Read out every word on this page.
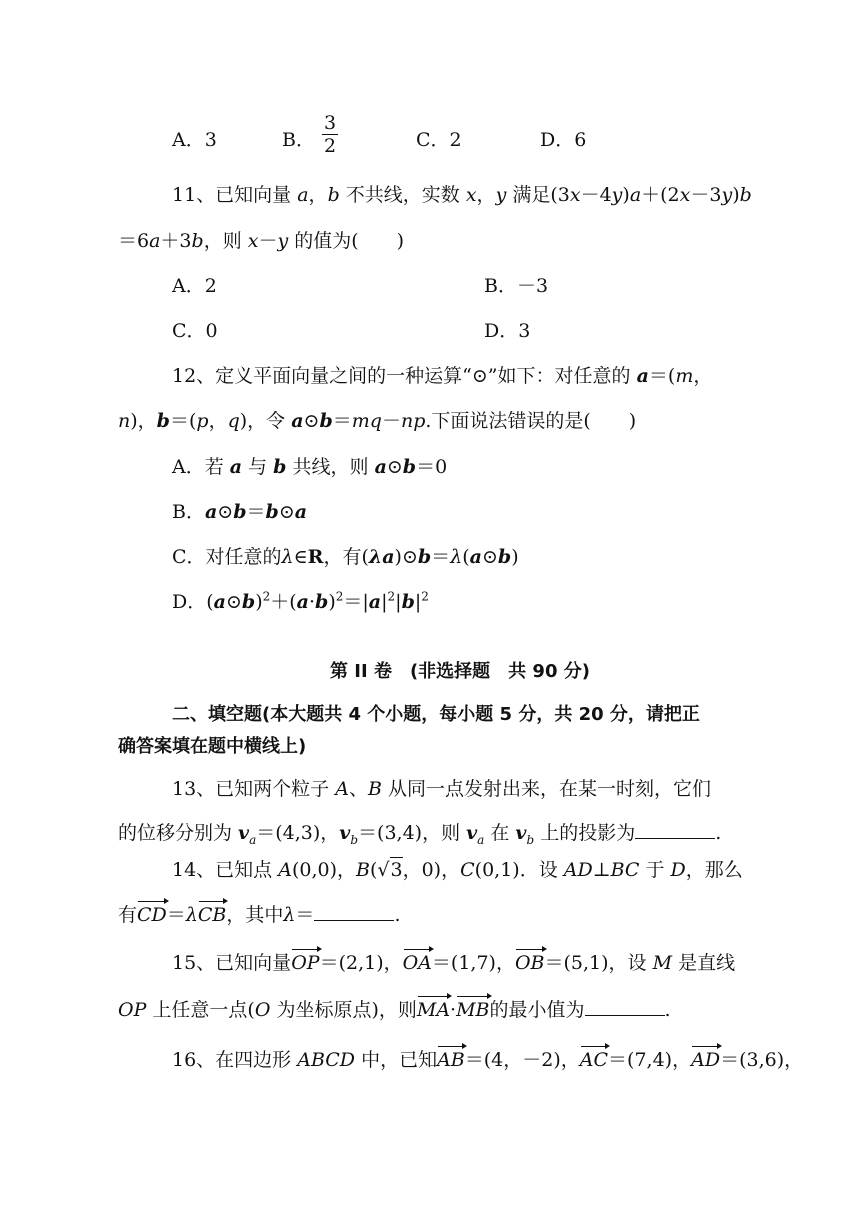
A．3	B． $\frac{3}{2}$	C．2	D．6
11、已知向量 a，b 不共线，实数 x，y 满足(3x－4y)a＋(2x－3y)b
＝6a＋3b，则 x－y 的值为(　　)
A．2	B．－3
C．0	D．3
12、定义平面向量之间的一种运算“⊙”如下：对任意的 a＝(m，
n)，b＝(p，q)，令 a⊙b＝mq－np.下面说法错误的是(　　)
A．若 a 与 b 共线，则 a⊙b＝0
B．a⊙b＝b⊙a
C．对任意的λ∈R，有(λa)⊙b＝λ(a⊙b)
D．$(a⊙b)^2+(a\cdot b)^2=|a|^2|b|^2$
第 II 卷　(非选择题　共 90 分)
二、填空题(本大题共 4 个小题，每小题 5 分，共 20 分，请把正
确答案填在题中横线上)
13、已知两个粒子 A、B 从同一点发射出来，在某一时刻，它们
的位移分别为 $v_a=(4,3)$，$v_b=(3,4)$，则 $v_a$ 在 $v_b$ 上的投影为	.
14、已知点 A(0,0)，B(√3，0)，C(0,1)．设 AD⊥BC 于 D，那么
有CD＝λCB，其中λ＝	.
15、已知向量OP＝(2,1)，OA＝(1,7)，OB＝(5,1)，设 M 是直线
OP 上任意一点(O 为坐标原点)，则MA·MB的最小值为	.
16、在四边形 ABCD 中，已知AB＝(4，－2)，AC＝(7,4)，AD＝(3,6)，
